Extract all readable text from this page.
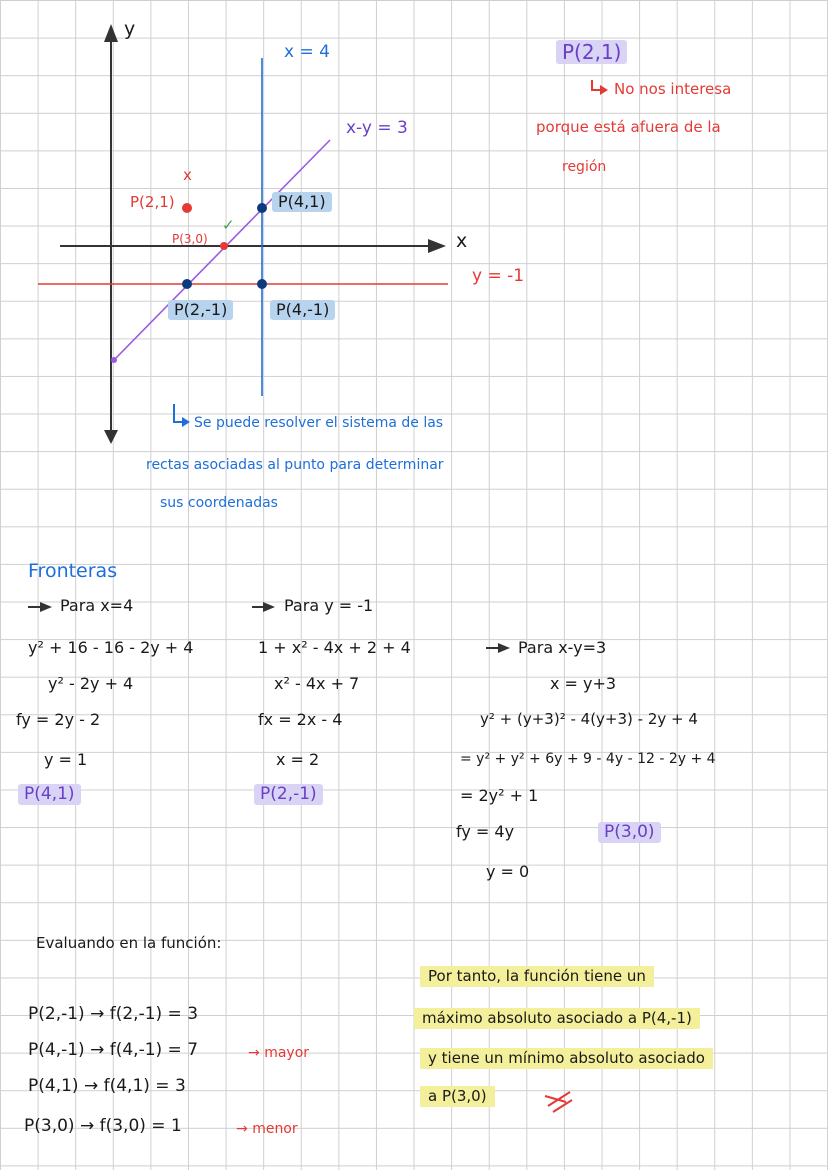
y
x
x = 4
x-y = 3
y = -1
x
P(2,1)
P(3,0)
✓
P(4,1)
P(2,-1)	P(4,-1)
P(2,1)
No nos interesa
porque está afuera de la
región
Se puede resolver el sistema de las
rectas asociadas al punto para determinar
sus coordenadas
Fronteras
Para x=4
y² + 16 - 16 - 2y + 4
y² - 2y + 4
fy = 2y - 2
y = 1
P(4,1)
Para y = -1
1 + x² - 4x + 2 + 4
x² - 4x + 7
fx = 2x - 4
x = 2
P(2,-1)
Para x-y=3
x = y+3
y² + (y+3)² - 4(y+3) - 2y + 4
= y² + y² + 6y + 9 - 4y - 12 - 2y + 4
= 2y² + 1
fy = 4y	P(3,0)
y = 0
Evaluando en la función:
P(2,-1) → f(2,-1) = 3
P(4,-1) → f(4,-1) = 7	→ mayor
P(4,1) → f(4,1) = 3
P(3,0) → f(3,0) = 1	→ menor
Por tanto, la función tiene un
máximo absoluto asociado a P(4,-1)
y tiene un mínimo absoluto asociado
a P(3,0)
